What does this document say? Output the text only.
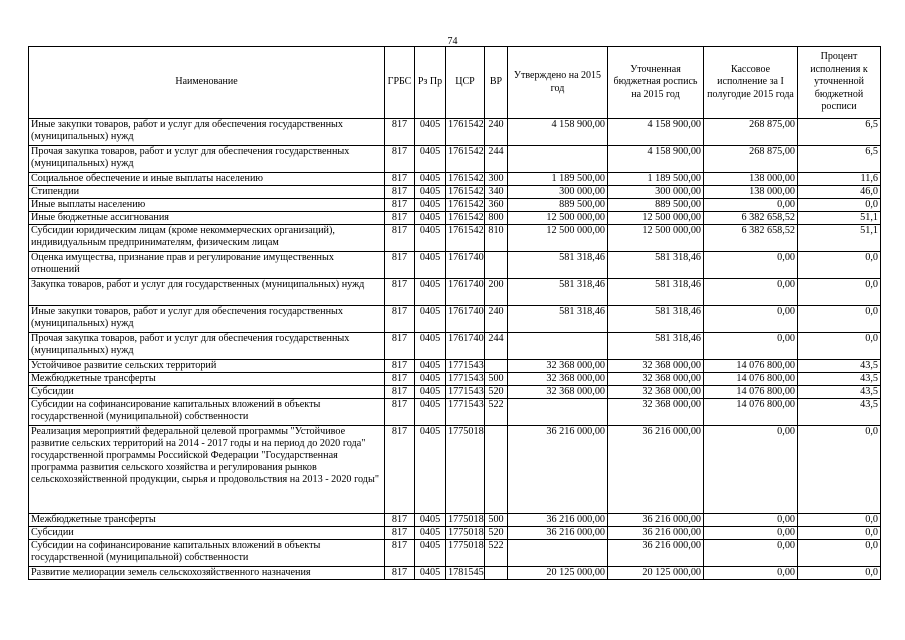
74
Наименование	ГРБС	Рз Пр	ЦСР	ВР	Утверждено на 2015 год	Уточненная бюджетная роспись на 2015 год	Кассовое исполнение за I полугодие 2015 года	Процент исполнения к уточненной бюджетной росписи
Иные закупки товаров, работ и услуг для обеспечения государственных (муниципальных) нужд	817	0405	1761542	240	4 158 900,00	4 158 900,00	268 875,00	6,5
Прочая закупка товаров, работ и услуг для обеспечения государственных (муниципальных) нужд	817	0405	1761542	244		4 158 900,00	268 875,00	6,5
Социальное обеспечение и иные выплаты населению	817	0405	1761542	300	1 189 500,00	1 189 500,00	138 000,00	11,6
Стипендии	817	0405	1761542	340	300 000,00	300 000,00	138 000,00	46,0
Иные выплаты населению	817	0405	1761542	360	889 500,00	889 500,00	0,00	0,0
Иные бюджетные ассигнования	817	0405	1761542	800	12 500 000,00	12 500 000,00	6 382 658,52	51,1
Субсидии юридическим лицам (кроме некоммерческих организаций), индивидуальным предпринимателям, физическим лицам	817	0405	1761542	810	12 500 000,00	12 500 000,00	6 382 658,52	51,1
Оценка имущества, признание прав и регулирование имущественных отношений	817	0405	1761740		581 318,46	581 318,46	0,00	0,0
Закупка товаров, работ и услуг для государственных (муниципальных) нужд	817	0405	1761740	200	581 318,46	581 318,46	0,00	0,0
Иные закупки товаров, работ и услуг для обеспечения государственных (муниципальных) нужд	817	0405	1761740	240	581 318,46	581 318,46	0,00	0,0
Прочая закупка товаров, работ и услуг для обеспечения государственных (муниципальных) нужд	817	0405	1761740	244		581 318,46	0,00	0,0
Устойчивое развитие сельских территорий	817	0405	1771543		32 368 000,00	32 368 000,00	14 076 800,00	43,5
Межбюджетные трансферты	817	0405	1771543	500	32 368 000,00	32 368 000,00	14 076 800,00	43,5
Субсидии	817	0405	1771543	520	32 368 000,00	32 368 000,00	14 076 800,00	43,5
Субсидии на софинансирование капитальных вложений в объекты государственной (муниципальной) собственности	817	0405	1771543	522		32 368 000,00	14 076 800,00	43,5
Реализация мероприятий федеральной целевой программы "Устойчивое развитие сельских территорий на 2014 - 2017 годы и на период до 2020 года" государственной программы Российской Федерации "Государственная программа развития сельского хозяйства и регулирования рынков сельскохозяйственной продукции, сырья и продовольствия на 2013 - 2020 годы"	817	0405	1775018		36 216 000,00	36 216 000,00	0,00	0,0
Межбюджетные трансферты	817	0405	1775018	500	36 216 000,00	36 216 000,00	0,00	0,0
Субсидии	817	0405	1775018	520	36 216 000,00	36 216 000,00	0,00	0,0
Субсидии на софинансирование капитальных вложений в объекты государственной (муниципальной) собственности	817	0405	1775018	522		36 216 000,00	0,00	0,0
Развитие мелиорации земель сельскохозяйственного назначения	817	0405	1781545		20 125 000,00	20 125 000,00	0,00	0,0
